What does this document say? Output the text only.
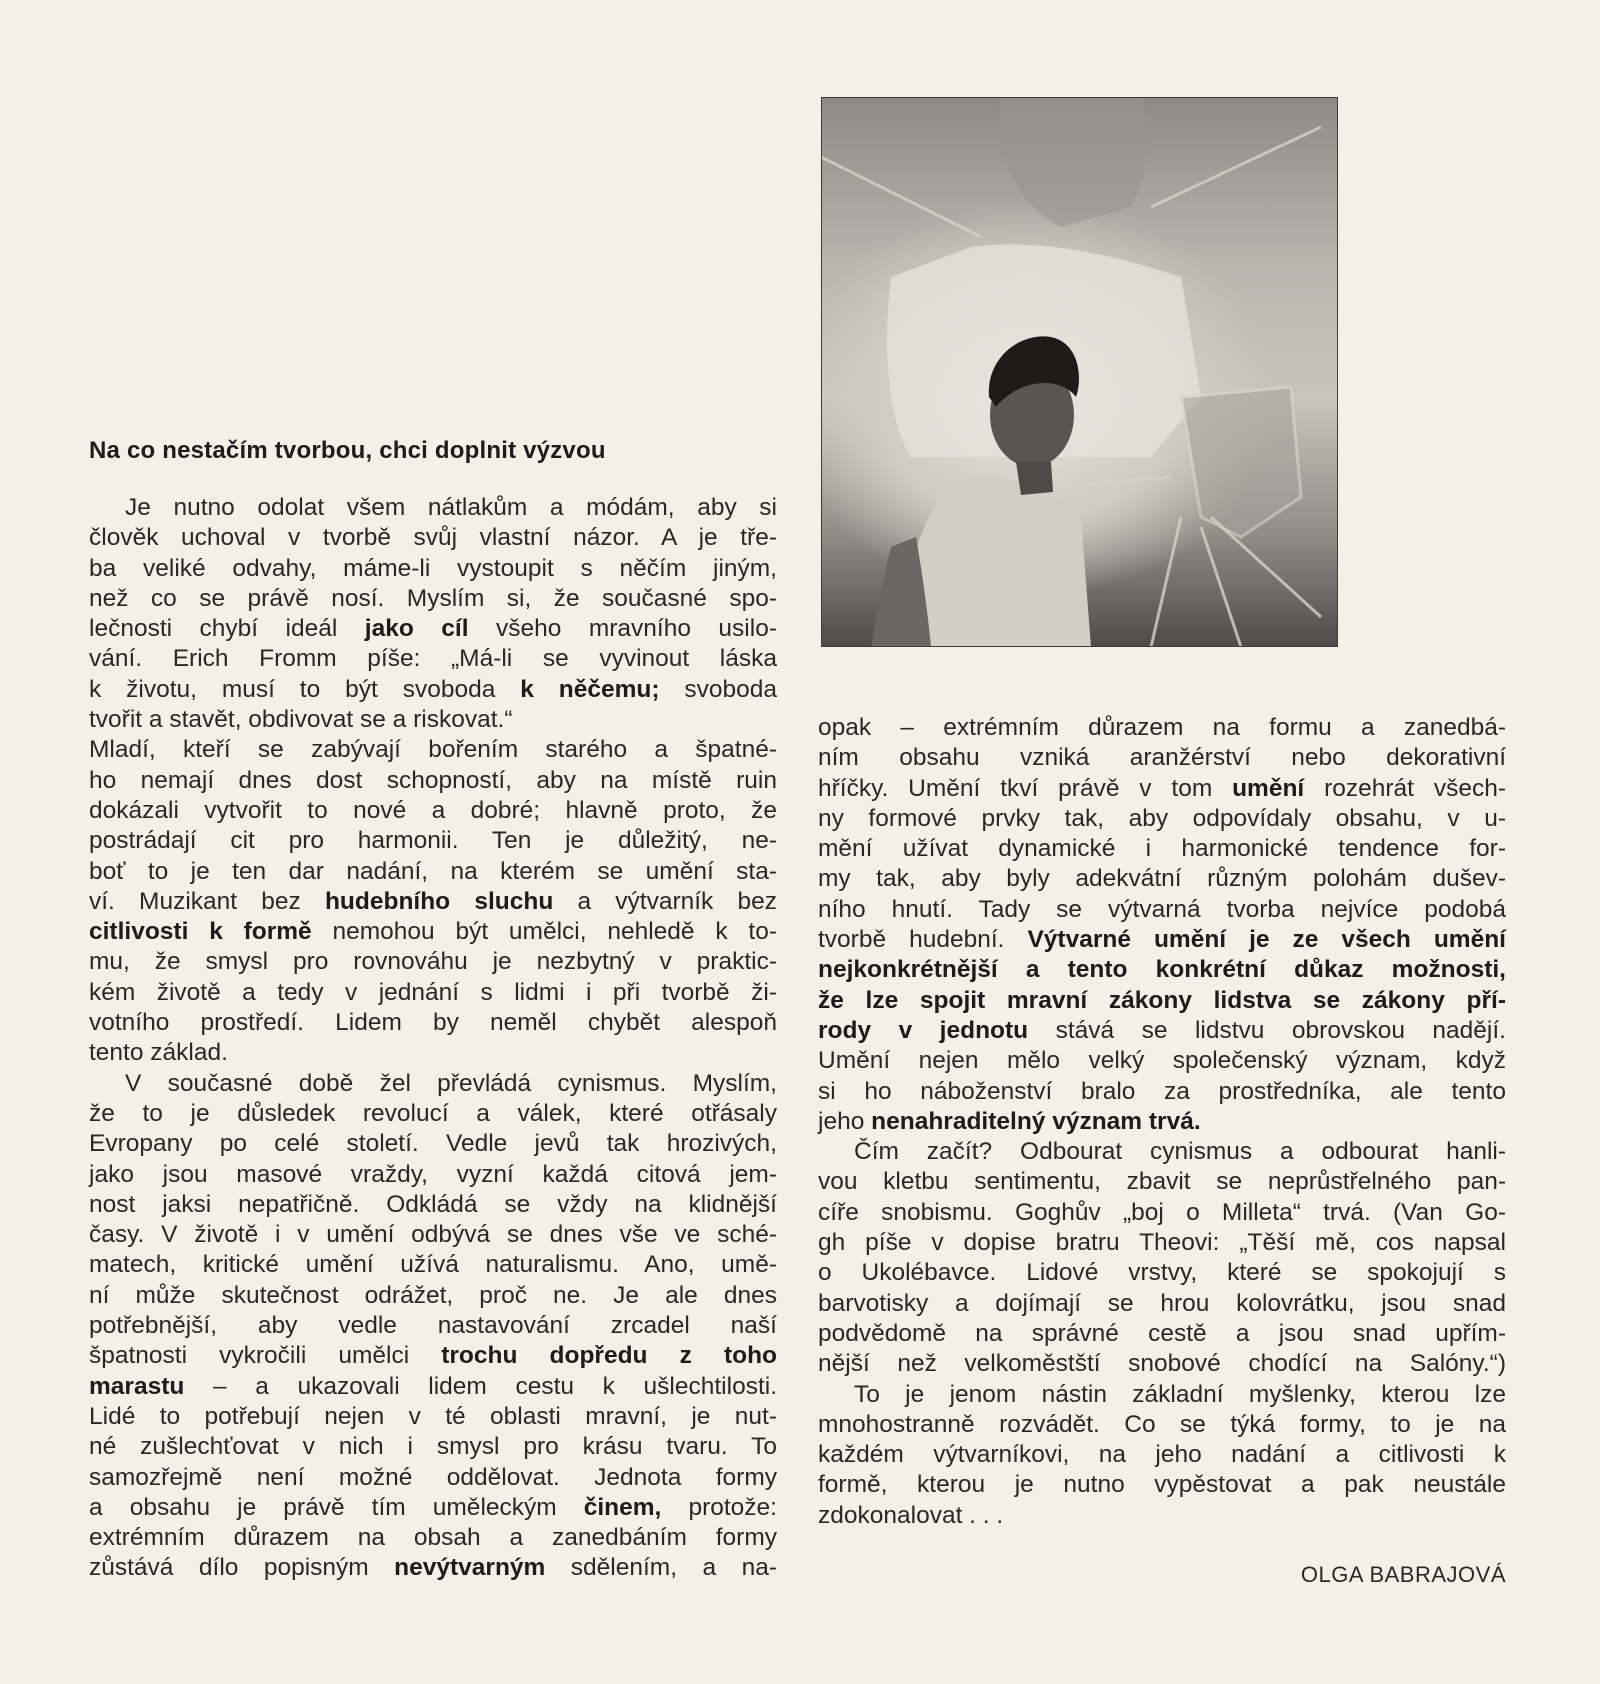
Na co nestačím tvorbou, chci doplnit výzvou
Je nutno odolat všem nátlakům a módám, aby si
člověk uchoval v tvorbě svůj vlastní názor. A je tře-
ba veliké odvahy, máme-li vystoupit s něčím jiným,
než co se právě nosí. Myslím si, že současné spo-
lečnosti chybí ideál jako cíl všeho mravního usilo-
vání. Erich Fromm píše: „Má-li se vyvinout láska
k životu, musí to být svoboda k něčemu; svoboda
tvořit a stavět, obdivovat se a riskovat.“
Mladí, kteří se zabývají bořením starého a špatné-
ho nemají dnes dost schopností, aby na místě ruin
dokázali vytvořit to nové a dobré; hlavně proto, že
postrádají cit pro harmonii. Ten je důležitý, ne-
boť to je ten dar nadání, na kterém se umění sta-
ví. Muzikant bez hudebního sluchu a výtvarník bez
citlivosti k formě nemohou být umělci, nehledě k to-
mu, že smysl pro rovnováhu je nezbytný v praktic-
kém životě a tedy v jednání s lidmi i při tvorbě ži-
votního prostředí. Lidem by neměl chybět alespoň
tento základ.
V současné době žel převládá cynismus. Myslím,
že to je důsledek revolucí a válek, které otřásaly
Evropany po celé století. Vedle jevů tak hrozivých,
jako jsou masové vraždy, vyzní každá citová jem-
nost jaksi nepatřičně. Odkládá se vždy na klidnější
časy. V životě i v umění odbývá se dnes vše ve sché-
matech, kritické umění užívá naturalismu. Ano, umě-
ní může skutečnost odrážet, proč ne. Je ale dnes
potřebnější, aby vedle nastavování zrcadel naší
špatnosti vykročili umělci trochu dopředu z toho
marastu – a ukazovali lidem cestu k ušlechtilosti.
Lidé to potřebují nejen v té oblasti mravní, je nut-
né zušlechťovat v nich i smysl pro krásu tvaru. To
samozřejmě není možné oddělovat. Jednota formy
a obsahu je právě tím uměleckým činem, protože:
extrémním důrazem na obsah a zanedbáním formy
zůstává dílo popisným nevýtvarným sdělením, a na-
opak – extrémním důrazem na formu a zanedbá-
ním obsahu vzniká aranžérství nebo dekorativní
hříčky. Umění tkví právě v tom umění rozehrát všech-
ny formové prvky tak, aby odpovídaly obsahu, v u-
mění užívat dynamické i harmonické tendence for-
my tak, aby byly adekvátní různým polohám dušev-
ního hnutí. Tady se výtvarná tvorba nejvíce podobá
tvorbě hudební. Výtvarné umění je ze všech umění
nejkonkrétnější a tento konkrétní důkaz možnosti,
že lze spojit mravní zákony lidstva se zákony pří-
rody v jednotu stává se lidstvu obrovskou nadějí.
Umění nejen mělo velký společenský význam, když
si ho náboženství bralo za prostředníka, ale tento
jeho nenahraditelný význam trvá.
Čím začít? Odbourat cynismus a odbourat hanli-
vou kletbu sentimentu, zbavit se neprůstřelného pan-
cíře snobismu. Goghův „boj o Milleta“ trvá. (Van Go-
gh píše v dopise bratru Theovi: „Těší mě, cos napsal
o Ukolébavce. Lidové vrstvy, které se spokojují s
barvotisky a dojímají se hrou kolovrátku, jsou snad
podvědomě na správné cestě a jsou snad upřím-
nější než velkoměstští snobové chodící na Salóny.“)
To je jenom nástin základní myšlenky, kterou lze
mnohostranně rozvádět. Co se týká formy, to je na
každém výtvarníkovi, na jeho nadání a citlivosti k
formě, kterou je nutno vypěstovat a pak neustále
zdokonalovat . . .
OLGA BABRAJOVÁ
